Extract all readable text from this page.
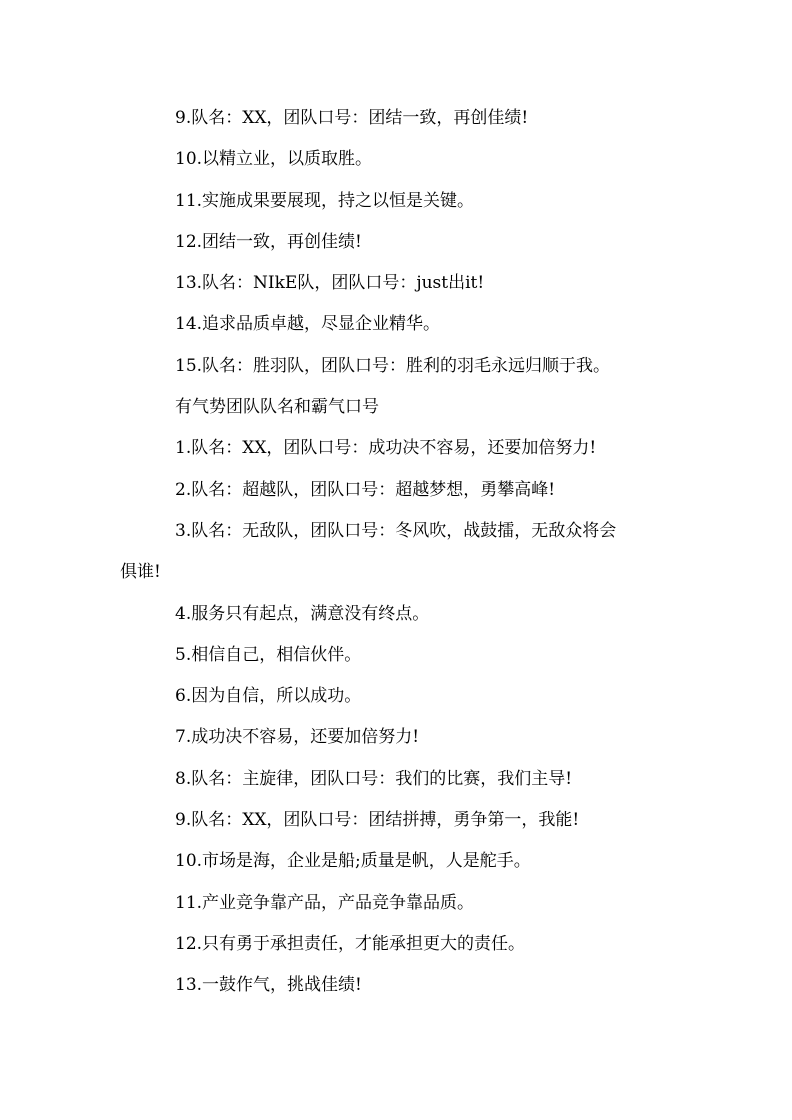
9.队名：XX，团队口号：团结一致，再创佳绩!

10.以精立业，以质取胜。

11.实施成果要展现，持之以恒是关键。

12.团结一致，再创佳绩!

13.队名：NIkE队，团队口号：just出it!

14.追求品质卓越，尽显企业精华。

15.队名：胜羽队，团队口号：胜利的羽毛永远归顺于我。

有气势团队队名和霸气口号

1.队名：XX，团队口号：成功决不容易，还要加倍努力!

2.队名：超越队，团队口号：超越梦想，勇攀高峰!

3.队名：无敌队，团队口号：冬风吹，战鼓擂，无敌众将会

俱谁!

4.服务只有起点，满意没有终点。

5.相信自己，相信伙伴。

6.因为自信，所以成功。

7.成功决不容易，还要加倍努力!

8.队名：主旋律，团队口号：我们的比赛，我们主导!

9.队名：XX，团队口号：团结拼搏，勇争第一，我能!

10.市场是海，企业是船;质量是帆，人是舵手。

11.产业竞争靠产品，产品竞争靠品质。

12.只有勇于承担责任，才能承担更大的责任。

13.一鼓作气，挑战佳绩!
